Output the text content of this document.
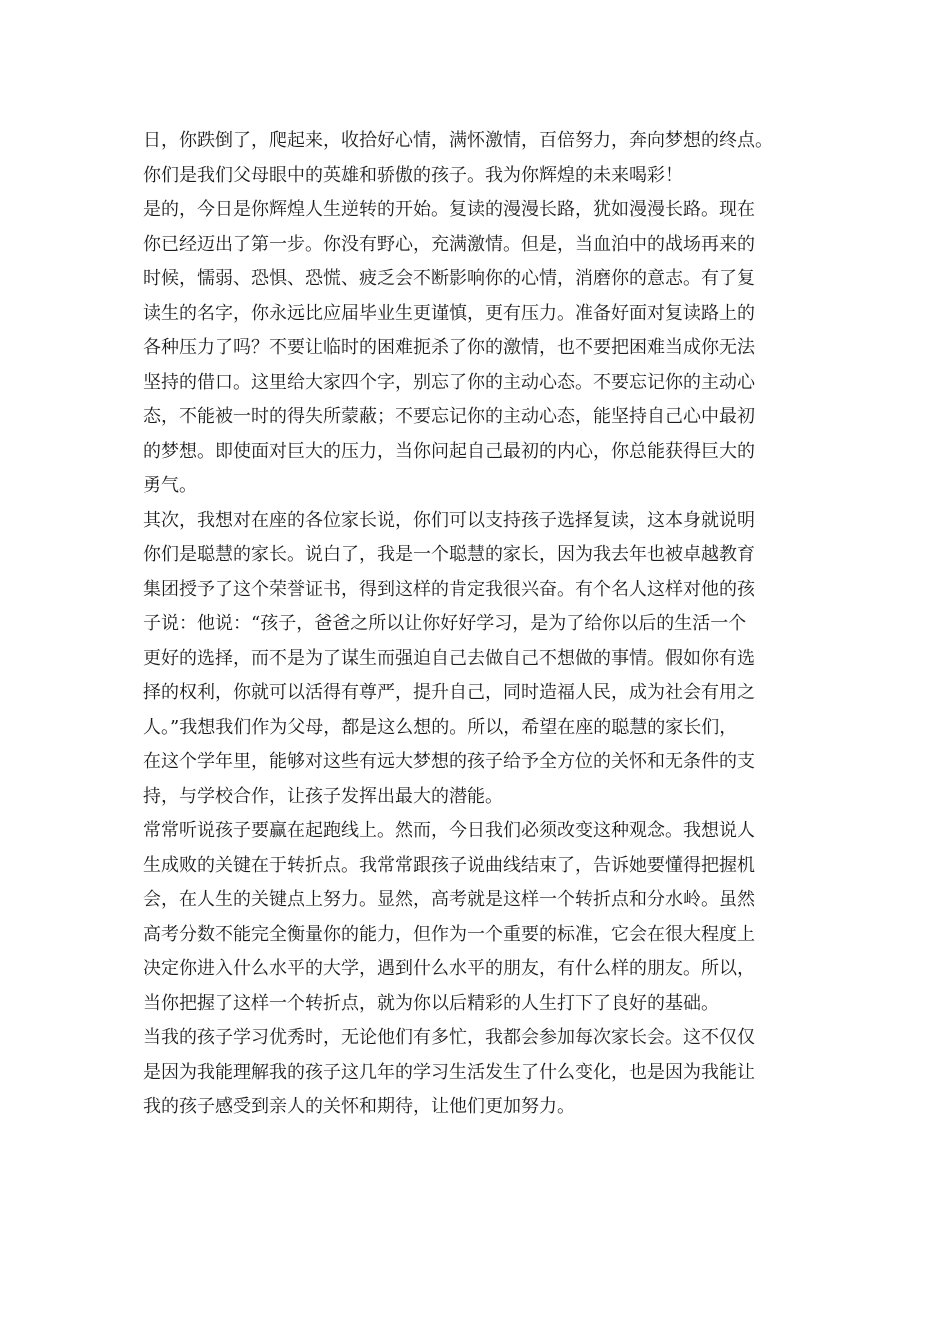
日，你跌倒了，爬起来，收拾好心情，满怀激情，百倍努力，奔向梦想的终点。
你们是我们父母眼中的英雄和骄傲的孩子。我为你辉煌的未来喝彩！
是的，今日是你辉煌人生逆转的开始。复读的漫漫长路，犹如漫漫长路。现在
你已经迈出了第一步。你没有野心，充满激情。但是，当血泊中的战场再来的
时候，懦弱、恐惧、恐慌、疲乏会不断影响你的心情，消磨你的意志。有了复
读生的名字，你永远比应届毕业生更谨慎，更有压力。准备好面对复读路上的
各种压力了吗？不要让临时的困难扼杀了你的激情，也不要把困难当成你无法
坚持的借口。这里给大家四个字，别忘了你的主动心态。不要忘记你的主动心
态，不能被一时的得失所蒙蔽；不要忘记你的主动心态，能坚持自己心中最初
的梦想。即使面对巨大的压力，当你问起自己最初的内心，你总能获得巨大的
勇气。
其次，我想对在座的各位家长说，你们可以支持孩子选择复读，这本身就说明
你们是聪慧的家长。说白了，我是一个聪慧的家长，因为我去年也被卓越教育
集团授予了这个荣誉证书，得到这样的肯定我很兴奋。有个名人这样对他的孩
子说：他说：“孩子，爸爸之所以让你好好学习，是为了给你以后的生活一个
更好的选择，而不是为了谋生而强迫自己去做自己不想做的事情。假如你有选
择的权利，你就可以活得有尊严，提升自己，同时造福人民，成为社会有用之
人。”我想我们作为父母，都是这么想的。所以，希望在座的聪慧的家长们，
在这个学年里，能够对这些有远大梦想的孩子给予全方位的关怀和无条件的支
持，与学校合作，让孩子发挥出最大的潜能。
常常听说孩子要赢在起跑线上。然而，今日我们必须改变这种观念。我想说人
生成败的关键在于转折点。我常常跟孩子说曲线结束了，告诉她要懂得把握机
会，在人生的关键点上努力。显然，高考就是这样一个转折点和分水岭。虽然
高考分数不能完全衡量你的能力，但作为一个重要的标准，它会在很大程度上
决定你进入什么水平的大学，遇到什么水平的朋友，有什么样的朋友。所以，
当你把握了这样一个转折点，就为你以后精彩的人生打下了良好的基础。
当我的孩子学习优秀时，无论他们有多忙，我都会参加每次家长会。这不仅仅
是因为我能理解我的孩子这几年的学习生活发生了什么变化，也是因为我能让
我的孩子感受到亲人的关怀和期待，让他们更加努力。
